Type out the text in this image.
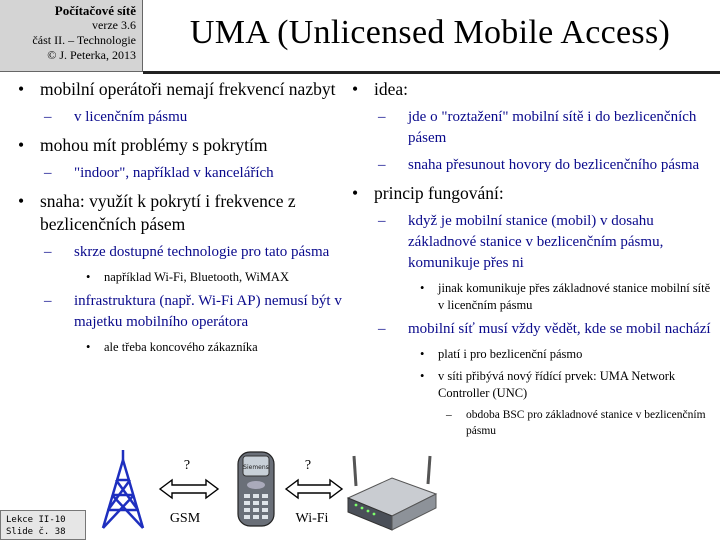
Počítačové sítě
verze 3.6
část II. – Technologie
© J. Peterka, 2013
UMA (Unlicensed Mobile Access)
• mobilní operátoři nemají frekvencí nazbyt
– v licenčním pásmu
• mohou mít problémy s pokrytím
– "indoor", například v kancelářích
• snaha: využít k pokrytí i frekvence z bezlicenčních pásem
– skrze dostupné technologie pro tato pásma
• například Wi-Fi, Bluetooth, WiMAX
– infrastruktura (např. Wi-Fi AP) nemusí být v majetku mobilního operátora
• ale třeba koncového zákazníka
• idea:
– jde o "roztažení" mobilní sítě i do bezlicenčních pásem
– snaha přesunout hovory do bezlicenčního pásma
• princip fungování:
– když je mobilní stanice (mobil) v dosahu základnové stanice v bezlicenčním pásmu, komunikuje přes ni
• jinak komunikuje přes základnové stanice mobilní sítě v licenčním pásmu
– mobilní síť musí vždy vědět, kde se mobil nachází
• platí i pro bezlicenční pásmo
• v síti přibývá nový řídící prvek: UMA Network Controller (UNC)
– obdoba BSC pro základnové stanice v bezlicenčním pásmu
Siemens
?	?
GSM	Wi-Fi
Lekce II-10
Slide č. 38
